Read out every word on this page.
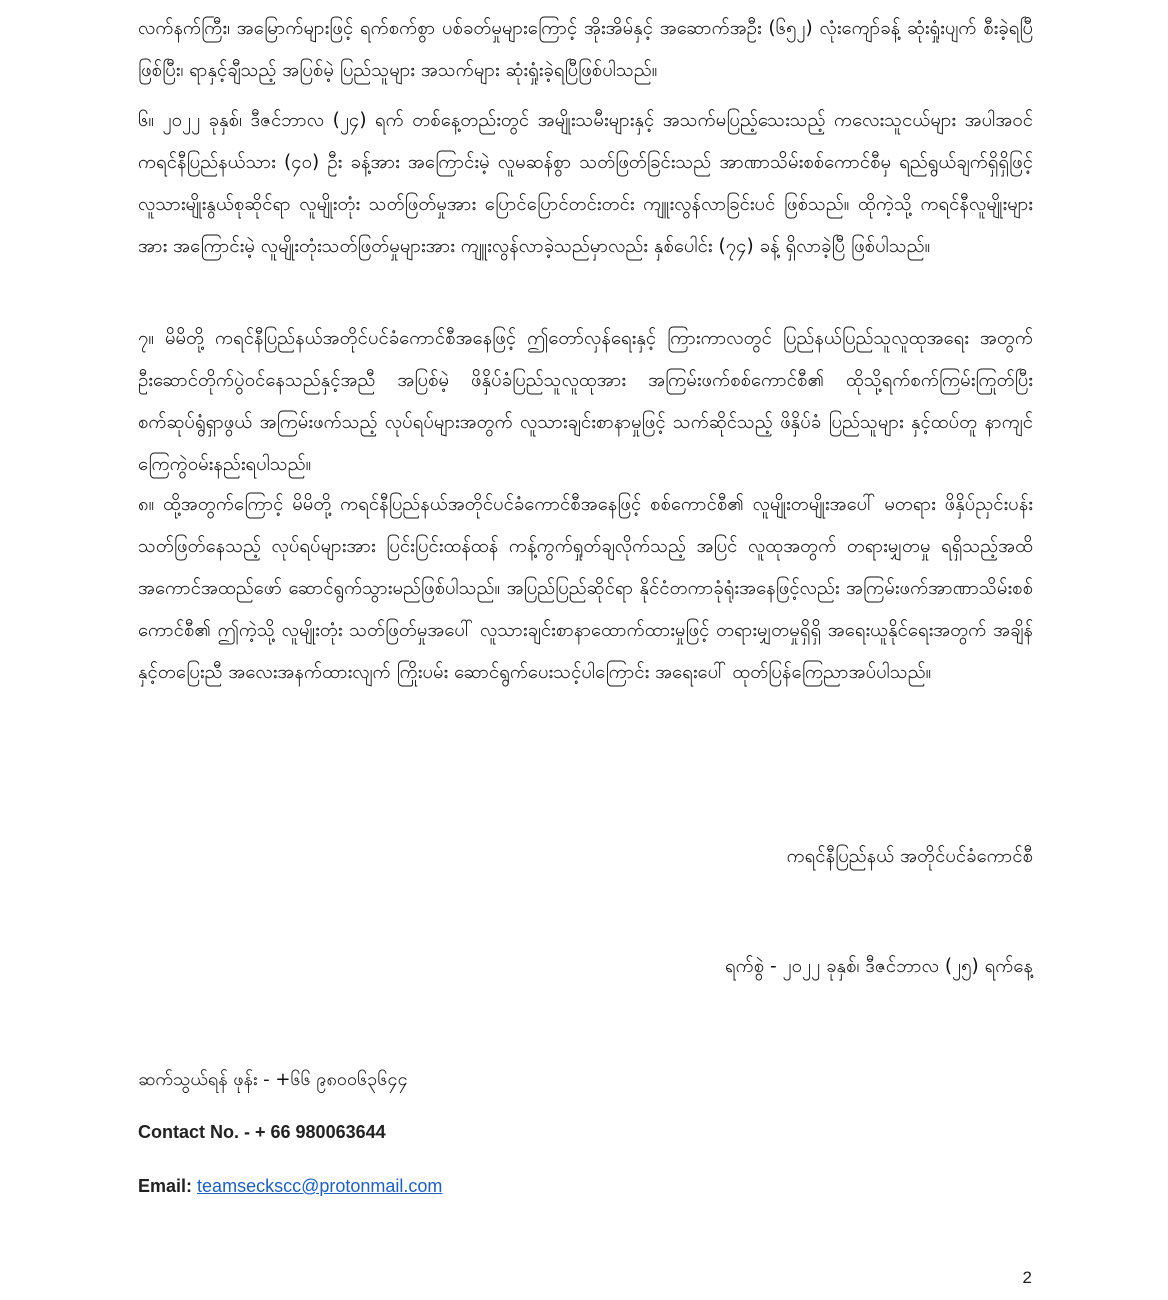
လက်နက်ကြီး၊ အမြောက်များဖြင့် ရက်စက်စွာ ပစ်ခတ်မှုများကြောင့် အိုးအိမ်နှင့် အဆောက်အဦး (၆၅၂) လုံးကျော်ခန့် ဆုံးရှုံးပျက် စီးခဲ့ရပြီ ဖြစ်ပြီး၊ ရာနှင့်ချီသည့် အပြစ်မဲ့ ပြည်သူများ အသက်များ ဆုံးရှုံးခဲ့ရပြီဖြစ်ပါသည်။

၆။ ၂၀၂၂ ခုနှစ်၊ ဒီဇင်ဘာလ (၂၄) ရက် တစ်နေ့တည်းတွင် အမျိုးသမီးများနှင့် အသက်မပြည့်သေးသည့် ကလေးသူငယ်များ အပါအဝင် ကရင်နီပြည်နယ်သား (၄၀) ဦး ခန့်အား အကြောင်းမဲ့ လူမဆန်စွာ သတ်ဖြတ်ခြင်းသည် အာဏာသိမ်းစစ်ကောင်စီမှ ရည်ရွယ်ချက်ရှိရှိဖြင့် လူသားမျိုးနွယ်စုဆိုင်ရာ လူမျိုးတုံး သတ်ဖြတ်မှုအား ပြောင်ပြောင်တင်းတင်း ကျူးလွန်လာခြင်းပင် ဖြစ်သည်။ ထိုကဲ့သို့ ကရင်နီလူမျိုးများအား အကြောင်းမဲ့ လူမျိုးတုံးသတ်ဖြတ်မှုများအား ကျူးလွန်လာခဲ့သည်မှာလည်း နှစ်ပေါင်း (၇၄) ခန့် ရှိလာခဲ့ပြီ ဖြစ်ပါသည်။

၇။ မိမိတို့ ကရင်နီပြည်နယ်အတိုင်ပင်ခံကောင်စီအနေဖြင့် ဤတော်လှန်ရေးနှင့် ကြားကာလတွင် ပြည်နယ်ပြည်သူလူထုအရေး အတွက် ဦးဆောင်တိုက်ပွဲဝင်နေသည်နှင့်အညီ အပြစ်မဲ့ ဖိနှိပ်ခံပြည်သူလူထုအား အကြမ်းဖက်စစ်ကောင်စီ၏ ထိုသို့ရက်စက်ကြမ်းကြုတ်ပြီး စက်ဆုပ်ရွံရှာဖွယ် အကြမ်းဖက်သည့် လုပ်ရပ်များအတွက် လူသားချင်းစာနာမှုဖြင့် သက်ဆိုင်သည့် ဖိနှိပ်ခံ ပြည်သူများ နှင့်ထပ်တူ နာကျင် ကြေကွဲဝမ်းနည်းရပါသည်။

၈။ ထို့အတွက်ကြောင့် မိမိတို့ ကရင်နီပြည်နယ်အတိုင်ပင်ခံကောင်စီအနေဖြင့် စစ်ကောင်စီ၏ လူမျိုးတမျိုးအပေါ် မတရား ဖိနှိပ်ညှင်းပန်းသတ်ဖြတ်နေသည့် လုပ်ရပ်များအား ပြင်းပြင်းထန်ထန် ကန့်ကွက်ရှုတ်ချလိုက်သည့် အပြင် လူထုအတွက် တရားမျှတမှု ရရှိသည့်အထိ အကောင်အထည်ဖော် ဆောင်ရွက်သွားမည်ဖြစ်ပါသည်။ အပြည်ပြည်ဆိုင်ရာ နိုင်ငံတကာခုံရုံးအနေဖြင့်လည်း အကြမ်းဖက်အာဏာသိမ်းစစ်ကောင်စီ၏ ဤကဲ့သို့ လူမျိုးတုံး သတ်ဖြတ်မှုအပေါ် လူသားချင်းစာနာထောက်ထားမှုဖြင့် တရားမျှတမှုရှိရှိ အရေးယူနိုင်ရေးအတွက် အချိန်နှင့်တပြေးညီ အလေးအနက်ထားလျက် ကြိုးပမ်း ဆောင်ရွက်ပေးသင့်ပါကြောင်း အရေးပေါ် ထုတ်ပြန်ကြေညာအပ်ပါသည်။

ကရင်နီပြည်နယ် အတိုင်ပင်ခံကောင်စီ
ရက်စွဲ - ၂၀၂၂ ခုနှစ်၊ ဒီဇင်ဘာလ (၂၅) ရက်နေ့
ဆက်သွယ်ရန် ဖုန်း - +၆၆ ၉၈၀၀၆၃၆၄၄
Contact No. - + 66 980063644
Email: teamseckscc@protonmail.com
2
